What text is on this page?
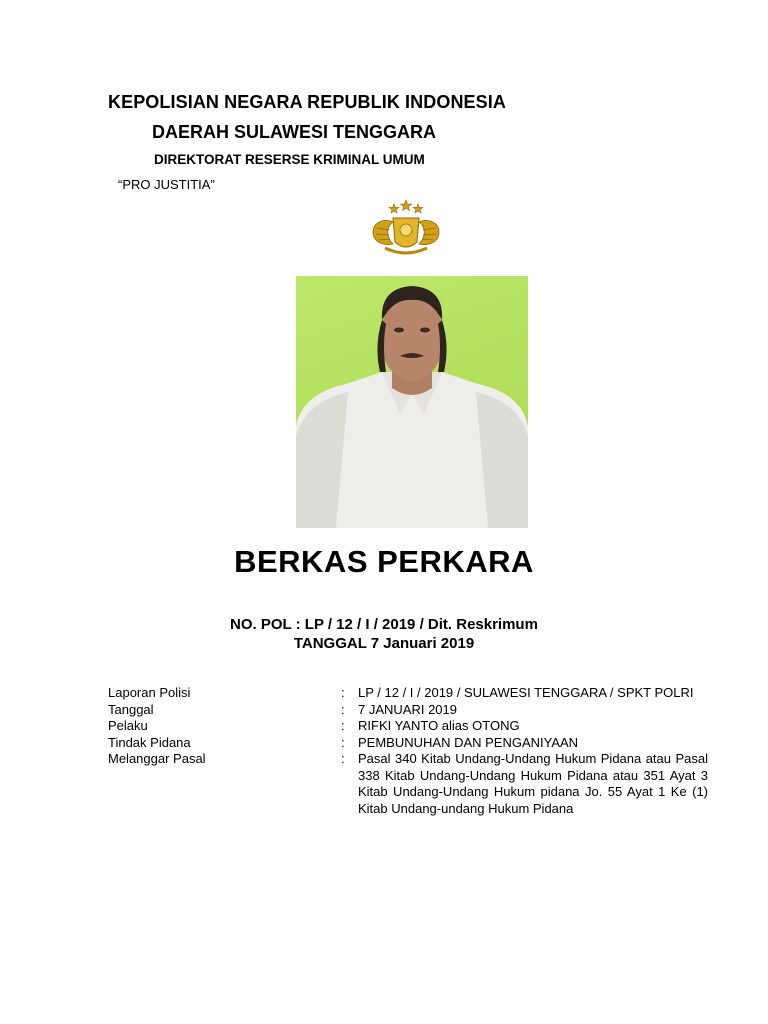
KEPOLISIAN NEGARA REPUBLIK INDONESIA
DAERAH SULAWESI TENGGARA
DIREKTORAT RESERSE KRIMINAL UMUM
“PRO JUSTITIA”
BERKAS PERKARA
NO. POL : LP / 12 / I / 2019 / Dit. Reskrimum
TANGGAL 7 Januari 2019
Laporan Polisi	:	LP / 12 / I / 2019 / SULAWESI TENGGARA / SPKT POLRI
Tanggal	:	7 JANUARI 2019
Pelaku	:	RIFKI YANTO alias OTONG
Tindak Pidana	:	PEMBUNUHAN DAN PENGANIYAAN
Melanggar Pasal	:	Pasal 340 Kitab Undang-Undang Hukum Pidana atau Pasal 338 Kitab Undang-Undang Hukum Pidana atau 351 Ayat 3 Kitab Undang-Undang Hukum pidana Jo. 55 Ayat 1 Ke (1) Kitab Undang-undang Hukum Pidana
